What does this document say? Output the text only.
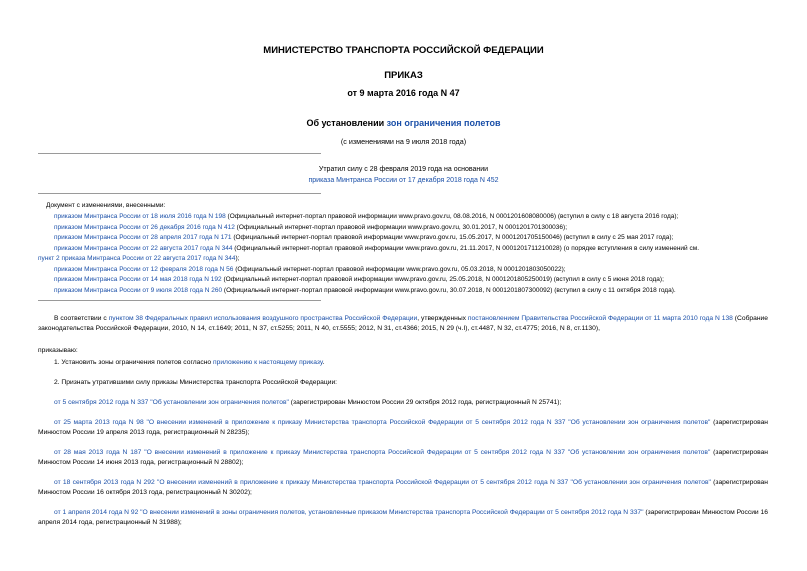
МИНИСТЕРСТВО ТРАНСПОРТА РОССИЙСКОЙ ФЕДЕРАЦИИ
ПРИКАЗ
от 9 марта 2016 года N 47
Об установлении зон ограничения полетов
(с изменениями на 9 июля 2018 года)
Утратил силу с 28 февраля 2019 года на основании
приказа Минтранса России от 17 декабря 2018 года N 452
Документ с изменениями, внесенными:
приказом Минтранса России от 18 июля 2016 года N 198 (Официальный интернет-портал правовой информации www.pravo.gov.ru, 08.08.2016, N 0001201608080006) (вступил в силу с 18 августа 2016 года);
приказом Минтранса России от 26 декабря 2016 года N 412 (Официальный интернет-портал правовой информации www.pravo.gov.ru, 30.01.2017, N 0001201701300036);
приказом Минтранса России от 28 апреля 2017 года N 171 (Официальный интернет-портал правовой информации www.pravo.gov.ru, 15.05.2017, N 0001201705150046) (вступил в силу с 25 мая 2017 года);
приказом Минтранса России от 22 августа 2017 года N 344 (Официальный интернет-портал правовой информации www.pravo.gov.ru, 21.11.2017, N 0001201711210028) (о порядке вступления в силу изменений см.
пункт 2 приказа Минтранса России от 22 августа 2017 года N 344);
приказом Минтранса России от 12 февраля 2018 года N 56 (Официальный интернет-портал правовой информации www.pravo.gov.ru, 05.03.2018, N 0001201803050022);
приказом Минтранса России от 14 мая 2018 года N 192 (Официальный интернет-портал правовой информации www.pravo.gov.ru, 25.05.2018, N 0001201805250019) (вступил в силу с 5 июня 2018 года);
приказом Минтранса России от 9 июля 2018 года N 260 (Официальный интернет-портал правовой информации www.pravo.gov.ru, 30.07.2018, N 0001201807300092) (вступил в силу с 11 октября 2018 года).
В соответствии с пунктом 38 Федеральных правил использования воздушного пространства Российской Федерации, утвержденных постановлением Правительства Российской Федерации от 11 марта 2010 года N 138 (Собрание законодательства Российской Федерации, 2010, N 14, ст.1649; 2011, N 37, ст.5255; 2011, N 40, ст.5555; 2012, N 31, ст.4366; 2015, N 29 (ч.I), ст.4487, N 32, ст.4775; 2016, N 8, ст.1130),
приказываю:
1. Установить зоны ограничения полетов согласно приложению к настоящему приказу.
2. Признать утратившими силу приказы Министерства транспорта Российской Федерации:
от 5 сентября 2012 года N 337 "Об установлении зон ограничения полетов" (зарегистрирован Минюстом России 29 октября 2012 года, регистрационный N 25741);
от 25 марта 2013 года N 98 "О внесении изменений в приложение к приказу Министерства транспорта Российской Федерации от 5 сентября 2012 года N 337 "Об установлении зон ограничения полетов" (зарегистрирован Минюстом России 19 апреля 2013 года, регистрационный N 28235);
от 28 мая 2013 года N 187 "О внесении изменений в приложение к приказу Министерства транспорта Российской Федерации от 5 сентября 2012 года N 337 "Об установлении зон ограничения полетов" (зарегистрирован Минюстом России 14 июня 2013 года, регистрационный N 28802);
от 18 сентября 2013 года N 292 "О внесении изменений в приложение к приказу Министерства транспорта Российской Федерации от 5 сентября 2012 года N 337 "Об установлении зон ограничения полетов" (зарегистрирован Минюстом России 16 октября 2013 года, регистрационный N 30202);
от 1 апреля 2014 года N 92 "О внесении изменений в зоны ограничения полетов, установленные приказом Министерства транспорта Российской Федерации от 5 сентября 2012 года N 337" (зарегистрирован Минюстом России 16 апреля 2014 года, регистрационный N 31988);
